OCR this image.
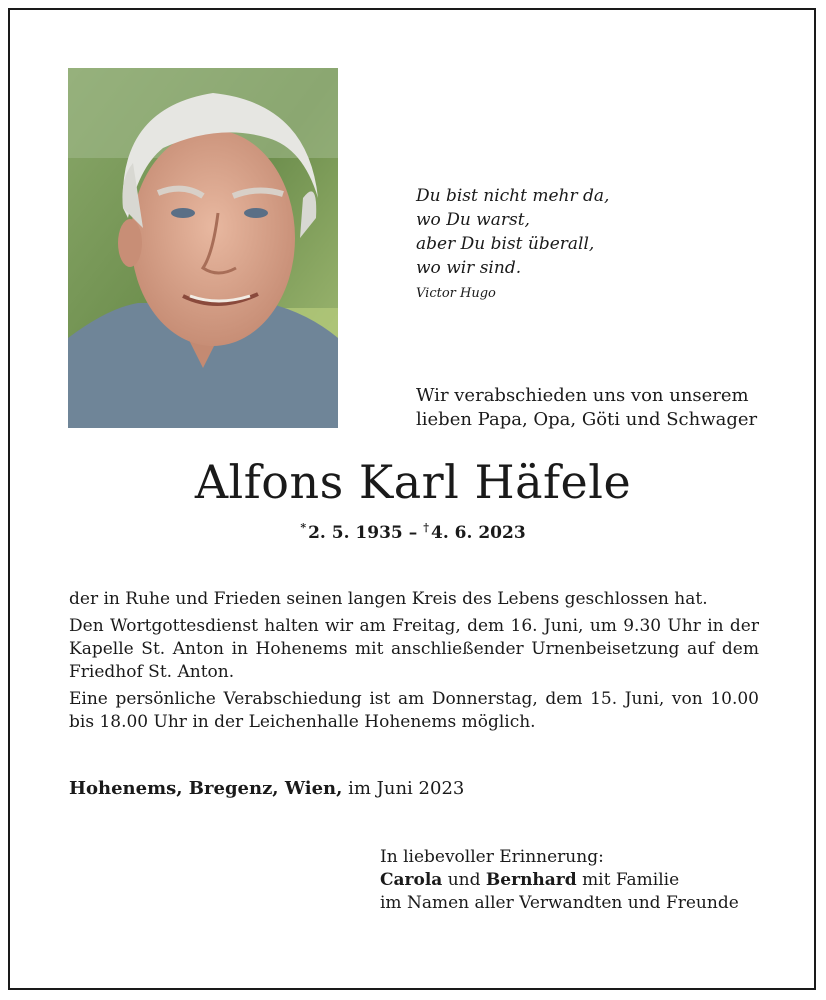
Du bist nicht mehr da,
wo Du warst,
aber Du bist überall,
wo wir sind.
Victor Hugo
Wir verabschieden uns von unserem
lieben Papa, Opa, Göti und Schwager
Alfons Karl Häfele
* 2. 5. 1935 – † 4. 6. 2023

der in Ruhe und Frieden seinen langen Kreis des Lebens geschlossen hat.

Den Wortgottesdienst halten wir am Freitag, dem 16. Juni, um 9.30 Uhr in der Kapelle St. Anton in Hohenems mit anschließender Urnenbeisetzung auf dem Friedhof St. Anton.

Eine persönliche Verabschiedung ist am Donnerstag, dem 15. Juni, von 10.00 bis 18.00 Uhr in der Leichenhalle Hohenems möglich.

Hohenems, Bregenz, Wien, im Juni 2023
In liebevoller Erinnerung:
Carola und Bernhard mit Familie
im Namen aller Verwandten und Freunde
